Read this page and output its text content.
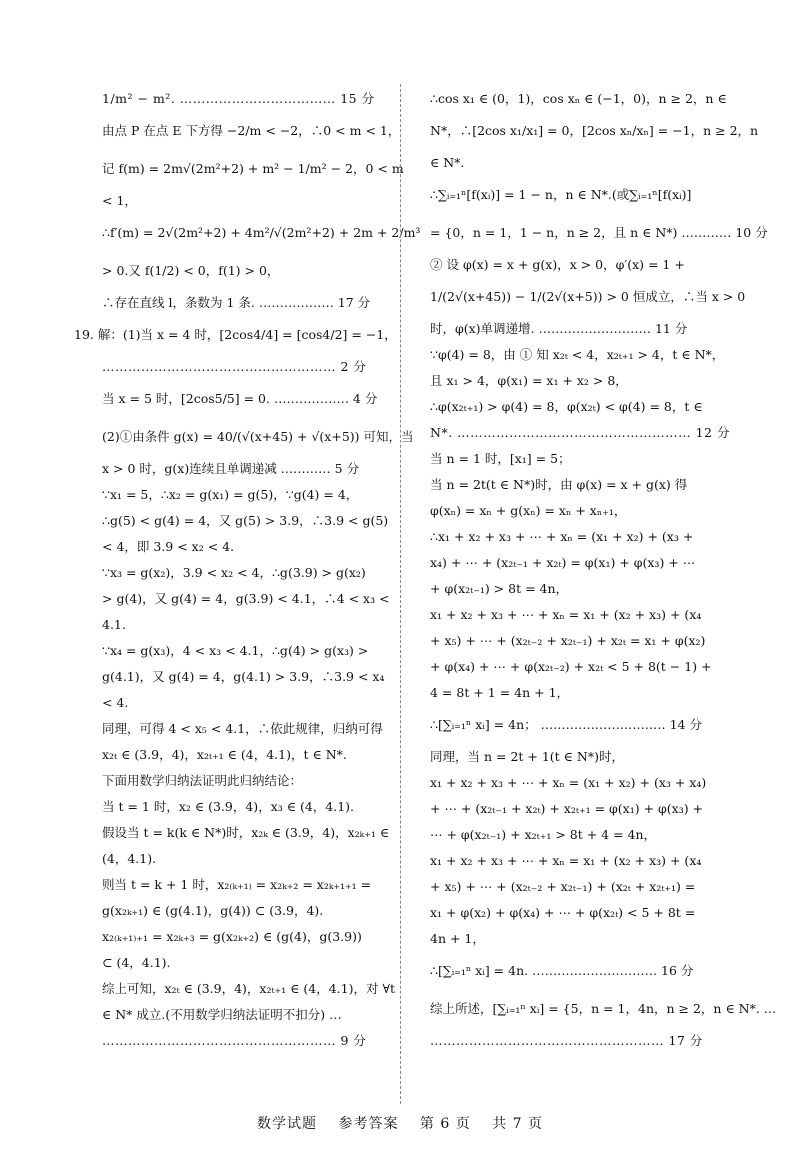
1/m² − m². ……………………………… 15 分
由点 P 在点 E 下方得 −2/m < −2，∴0 < m < 1，
记 f(m) = 2m√(2m²+2) + m² − 1/m² − 2，0 < m
< 1，
∴f′(m) = 2√(2m²+2) + 4m²/√(2m²+2) + 2m + 2/m³
> 0.又 f(1/2) < 0，f(1) > 0，
∴存在直线 l，条数为 1 条. ……………… 17 分
19. 解：(1)当 x = 4 时，[2cos4/4] = [cos4/2] = −1，
……………………………………………… 2 分
当 x = 5 时，[2cos5/5] = 0. ……………… 4 分
(2)①由条件 g(x) = 40/(√(x+45) + √(x+5)) 可知，当
x > 0 时，g(x)连续且单调递减 ………… 5 分
∵x₁ = 5，∴x₂ = g(x₁) = g(5)，∵g(4) = 4，
∴g(5) < g(4) = 4，又 g(5) > 3.9，∴3.9 < g(5)
< 4，即 3.9 < x₂ < 4.
∵x₃ = g(x₂)，3.9 < x₂ < 4，∴g(3.9) > g(x₂)
> g(4)，又 g(4) = 4，g(3.9) < 4.1，∴4 < x₃ <
4.1.
∵x₄ = g(x₃)，4 < x₃ < 4.1，∴g(4) > g(x₃) >
g(4.1)，又 g(4) = 4，g(4.1) > 3.9，∴3.9 < x₄
< 4.
同理，可得 4 < x₅ < 4.1，∴依此规律，归纳可得
x₂ₜ ∈ (3.9，4)，x₂ₜ₊₁ ∈ (4，4.1)，t ∈ N*.
下面用数学归纳法证明此归纳结论：
当 t = 1 时，x₂ ∈ (3.9，4)，x₃ ∈ (4，4.1).
假设当 t = k(k ∈ N*)时，x₂ₖ ∈ (3.9，4)，x₂ₖ₊₁ ∈
(4，4.1).
则当 t = k + 1 时，x₂₍ₖ₊₁₎ = x₂ₖ₊₂ = x₂ₖ₊₁₊₁ =
g(x₂ₖ₊₁) ∈ (g(4.1)，g(4)) ⊂ (3.9，4).
x₂₍ₖ₊₁₎₊₁ = x₂ₖ₊₃ = g(x₂ₖ₊₂) ∈ (g(4)，g(3.9))
⊂ (4，4.1).
综上可知，x₂ₜ ∈ (3.9，4)，x₂ₜ₊₁ ∈ (4，4.1)，对 ∀t
∈ N* 成立.(不用数学归纳法证明不扣分) …
……………………………………………… 9 分
∴cos x₁ ∈ (0，1)，cos xₙ ∈ (−1，0)，n ≥ 2，n ∈
N*，∴[2cos x₁/x₁] = 0，[2cos xₙ/xₙ] = −1，n ≥ 2，n
∈ N*.
∴∑ᵢ₌₁ⁿ[f(xᵢ)] = 1 − n，n ∈ N*.(或∑ᵢ₌₁ⁿ[f(xᵢ)]
= {0，n = 1，1 − n，n ≥ 2，且 n ∈ N*) ………… 10 分
② 设 φ(x) = x + g(x)，x > 0，φ′(x) = 1 +
1/(2√(x+45)) − 1/(2√(x+5)) > 0 恒成立，∴当 x > 0
时，φ(x)单调递增. ……………………… 11 分
∵φ(4) = 8，由 ① 知 x₂ₜ < 4，x₂ₜ₊₁ > 4，t ∈ N*，
且 x₁ > 4，φ(x₁) = x₁ + x₂ > 8，
∴φ(x₂ₜ₊₁) > φ(4) = 8，φ(x₂ₜ) < φ(4) = 8，t ∈
N*. ……………………………………………… 12 分
当 n = 1 时，[x₁] = 5；
当 n = 2t(t ∈ N*)时，由 φ(x) = x + g(x) 得
φ(xₙ) = xₙ + g(xₙ) = xₙ + xₙ₊₁，
∴x₁ + x₂ + x₃ + ⋯ + xₙ = (x₁ + x₂) + (x₃ +
x₄) + ⋯ + (x₂ₜ₋₁ + x₂ₜ) = φ(x₁) + φ(x₃) + ⋯
+ φ(x₂ₜ₋₁) > 8t = 4n，
x₁ + x₂ + x₃ + ⋯ + xₙ = x₁ + (x₂ + x₃) + (x₄
+ x₅) + ⋯ + (x₂ₜ₋₂ + x₂ₜ₋₁) + x₂ₜ = x₁ + φ(x₂)
+ φ(x₄) + ⋯ + φ(x₂ₜ₋₂) + x₂ₜ < 5 + 8(t − 1) +
4 = 8t + 1 = 4n + 1，
∴[∑ᵢ₌₁ⁿ xᵢ] = 4n； ………………………… 14 分
同理，当 n = 2t + 1(t ∈ N*)时，
x₁ + x₂ + x₃ + ⋯ + xₙ = (x₁ + x₂) + (x₃ + x₄)
+ ⋯ + (x₂ₜ₋₁ + x₂ₜ) + x₂ₜ₊₁ = φ(x₁) + φ(x₃) +
⋯ + φ(x₂ₜ₋₁) + x₂ₜ₊₁ > 8t + 4 = 4n，
x₁ + x₂ + x₃ + ⋯ + xₙ = x₁ + (x₂ + x₃) + (x₄
+ x₅) + ⋯ + (x₂ₜ₋₂ + x₂ₜ₋₁) + (x₂ₜ + x₂ₜ₊₁) =
x₁ + φ(x₂) + φ(x₄) + ⋯ + φ(x₂ₜ) < 5 + 8t =
4n + 1，
∴[∑ᵢ₌₁ⁿ xᵢ] = 4n. ………………………… 16 分
综上所述，[∑ᵢ₌₁ⁿ xᵢ] = {5，n = 1，4n，n ≥ 2，n ∈ N*. …
……………………………………………… 17 分
数学试题 参考答案 第 6 页 共 7 页
